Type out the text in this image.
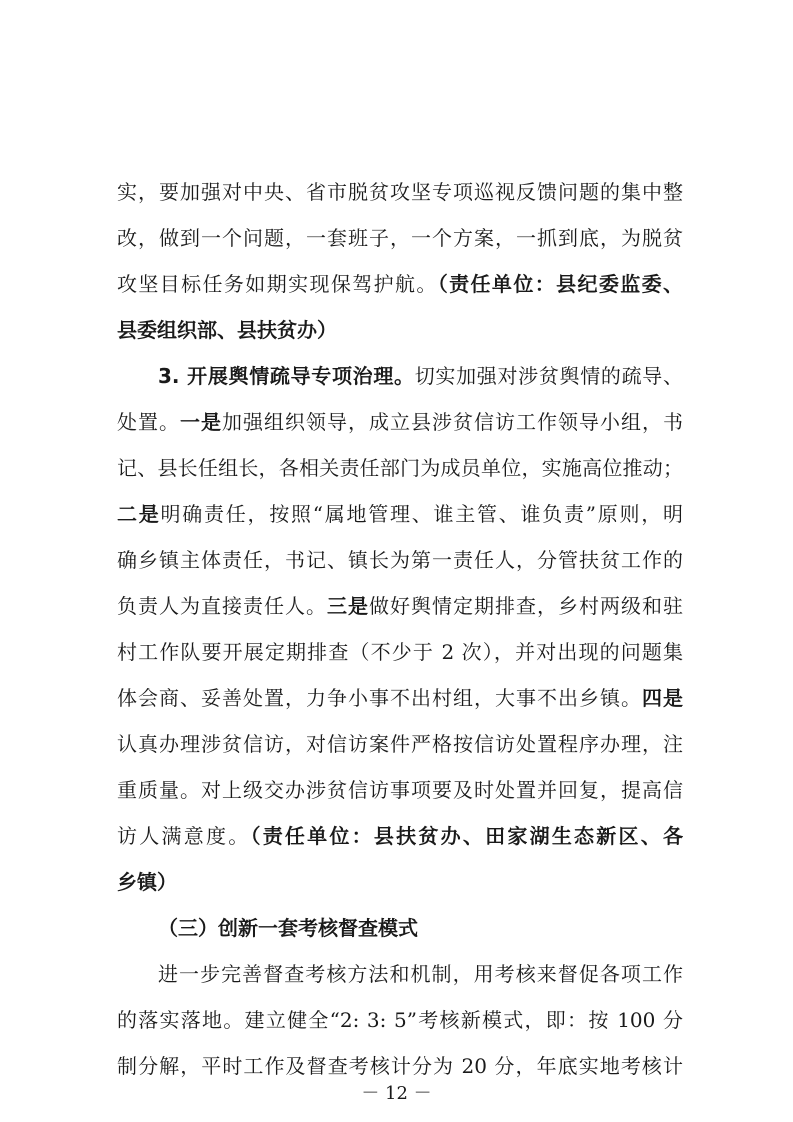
实，要加强对中央、省市脱贫攻坚专项巡视反馈问题的集中整
改，做到一个问题，一套班子，一个方案，一抓到底，为脱贫
攻坚目标任务如期实现保驾护航。（责任单位：县纪委监委、
县委组织部、县扶贫办）
3. 开展舆情疏导专项治理。切实加强对涉贫舆情的疏导、
处置。一是加强组织领导，成立县涉贫信访工作领导小组，书
记、县长任组长，各相关责任部门为成员单位，实施高位推动；
二是明确责任，按照“属地管理、谁主管、谁负责”原则，明
确乡镇主体责任，书记、镇长为第一责任人，分管扶贫工作的
负责人为直接责任人。三是做好舆情定期排查，乡村两级和驻
村工作队要开展定期排查（不少于 2 次），并对出现的问题集
体会商、妥善处置，力争小事不出村组，大事不出乡镇。四是
认真办理涉贫信访，对信访案件严格按信访处置程序办理，注
重质量。对上级交办涉贫信访事项要及时处置并回复，提高信
访人满意度。（责任单位：县扶贫办、田家湖生态新区、各
乡镇）
（三）创新一套考核督查模式
进一步完善督查考核方法和机制，用考核来督促各项工作
的落实落地。建立健全“2: 3: 5”考核新模式，即：按 100 分
制分解，平时工作及督查考核计分为 20 分，年底实地考核计
－ 12 －
